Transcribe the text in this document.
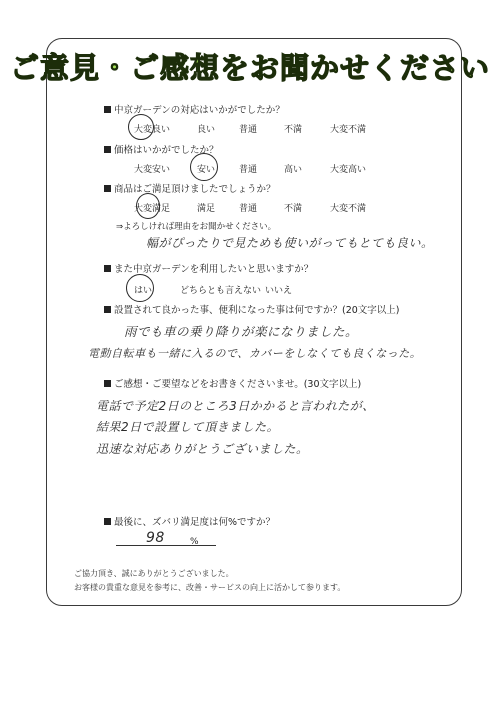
ご意見・ご感想をお聞かせください
中京ガーデンの対応はいかがでしたか？
大変良い	良い	普通	不満	大変不満
価格はいかがでしたか？
大変安い	安い	普通	高い	大変高い
商品はご満足頂けましたでしょうか？
大変満足	満足	普通	不満	大変不満
⇒よろしければ理由をお聞かせください。
幅がぴったりで見ためも使いがってもとても良い。
また中京ガーデンを利用したいと思いますか？
はい	どちらとも言えない いいえ
設置されて良かった事、便利になった事は何ですか？(20文字以上)
雨でも車の乗り降りが楽になりました。
電動自転車も一緒に入るので、カバーをしなくても良くなった。
ご感想・ご要望などをお書きくださいませ。(30文字以上)
電話で予定2日のところ3日かかると言われたが、
結果2日で設置して頂きました。
迅速な対応ありがとうございました。
最後に、ズバリ満足度は何%ですか？
98	%
ご協力頂き、誠にありがとうございました。
お客様の貴重な意見を参考に、改善・サービスの向上に活かして参ります。
